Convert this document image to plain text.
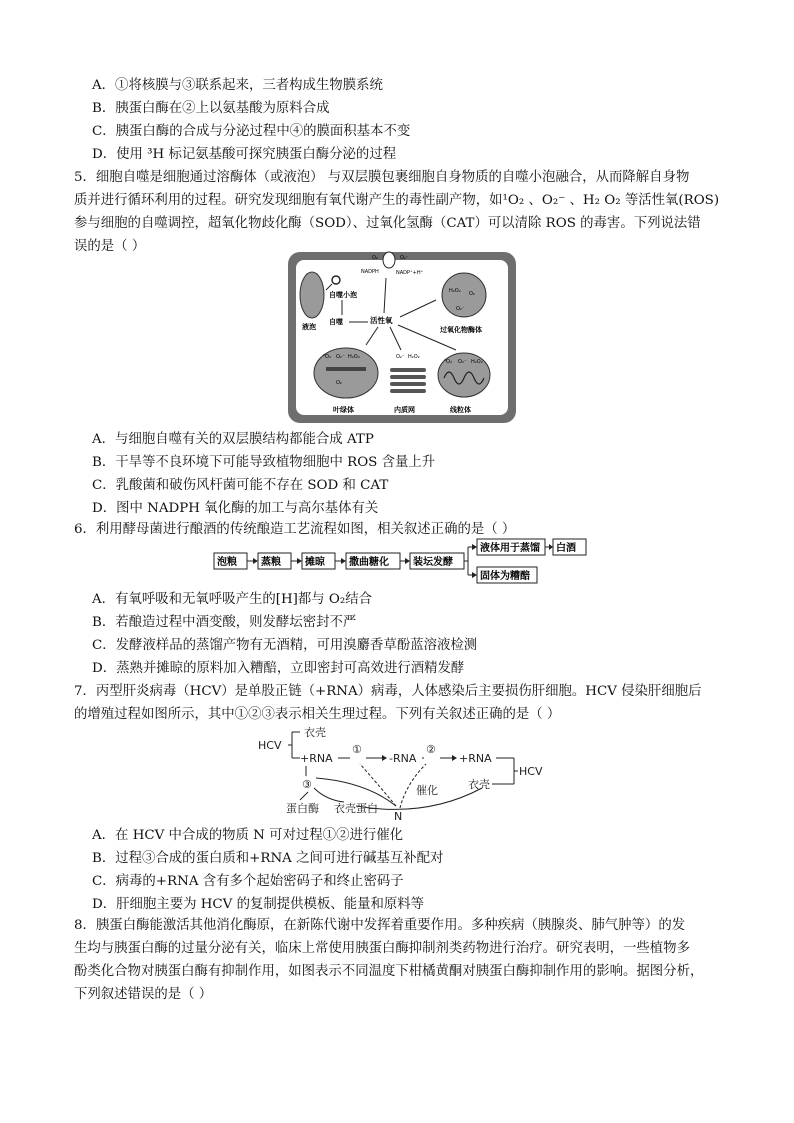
A．①将核膜与③联系起来，三者构成生物膜系统
B．胰蛋白酶在②上以氨基酸为原料合成
C．胰蛋白酶的合成与分泌过程中④的膜面积基本不变
D．使用 ³H 标记氨基酸可探究胰蛋白酶分泌的过程
5．细胞自噬是细胞通过溶酶体（或液泡） 与双层膜包裹细胞自身物质的自噬小泡融合，从而降解自身物
质并进行循环利用的过程。研究发现细胞有氧代谢产生的毒性副产物，如¹O₂ 、O₂⁻ 、H₂ O₂ 等活性氧(ROS)
参与细胞的自噬调控，超氧化物歧化酶（SOD）、过氧化氢酶（CAT）可以清除 ROS 的毒害。下列说法错
误的是（ ）
O₂	O₂⁻
NADPH	NADP⁺+H⁺
液泡
自噬小泡
自噬	活性氧
H₂O₂ O₂
O₂⁻
过氧化物酶体
¹O₂ O₂⁻ H₂O₂
O₂
叶绿体
O₂⁻ H₂O₂
内质网
¹O₂ O₂⁻ H₂O₂
线粒体
A．与细胞自噬有关的双层膜结构都能合成 ATP
B．干旱等不良环境下可能导致植物细胞中 ROS 含量上升
C．乳酸菌和破伤风杆菌可能不存在 SOD 和 CAT
D．图中 NADPH 氧化酶的加工与高尔基体有关
6．利用酵母菌进行酿酒的传统酿造工艺流程如图，相关叙述正确的是（ ）
泡粮 蒸粮 摊晾 撒曲糖化 装坛发酵
液体用于蒸馏 白酒
固体为糟醅
A．有氧呼吸和无氧呼吸产生的[H]都与 O₂结合
B．若酿造过程中酒变酸，则发酵坛密封不严
C．发酵液样品的蒸馏产物有无酒精，可用溴麝香草酚蓝溶液检测
D．蒸熟并摊晾的原料加入糟醅，立即密封可高效进行酒精发酵
7．丙型肝炎病毒（HCV）是单股正链（+RNA）病毒，人体感染后主要损伤肝细胞。HCV 侵染肝细胞后
的增殖过程如图所示，其中①②③表示相关生理过程。下列有关叙述正确的是（ ）
HCV
衣壳
+RNA
①
-RNA
②
+RNA
HCV
衣壳
③
蛋白酶 衣壳蛋白
N
催化
A．在 HCV 中合成的物质 N 可对过程①②进行催化
B．过程③合成的蛋白质和+RNA 之间可进行碱基互补配对
C．病毒的+RNA 含有多个起始密码子和终止密码子
D．肝细胞主要为 HCV 的复制提供模板、能量和原料等
8．胰蛋白酶能激活其他消化酶原，在新陈代谢中发挥着重要作用。多种疾病（胰腺炎、肺气肿等）的发
生均与胰蛋白酶的过量分泌有关，临床上常使用胰蛋白酶抑制剂类药物进行治疗。研究表明，一些植物多
酚类化合物对胰蛋白酶有抑制作用，如图表示不同温度下柑橘黄酮对胰蛋白酶抑制作用的影响。据图分析，
下列叙述错误的是（ ）
